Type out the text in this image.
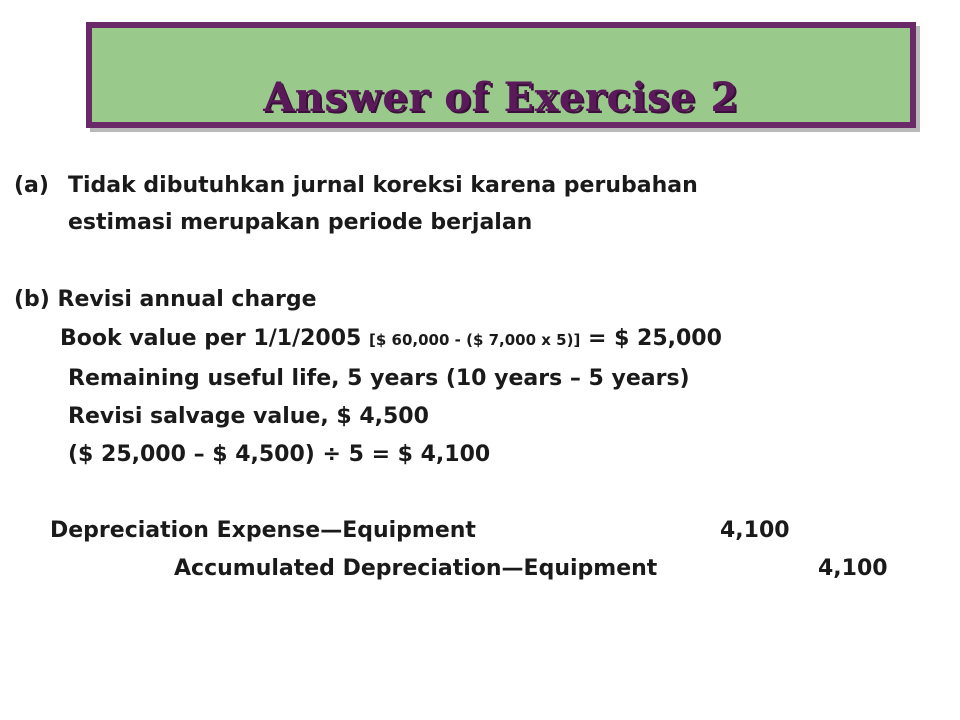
Answer of Exercise 2
(a) Tidak dibutuhkan jurnal koreksi karena perubahan
estimasi merupakan periode berjalan
(b) Revisi annual charge
Book value per 1/1/2005 [$ 60,000 - ($ 7,000 x 5)] = $ 25,000
Remaining useful life, 5 years (10 years – 5 years)
Revisi salvage value, $ 4,500
($ 25,000 – $ 4,500) ÷ 5 = $ 4,100
Depreciation Expense—Equipment	4,100
Accumulated Depreciation—Equipment	4,100
